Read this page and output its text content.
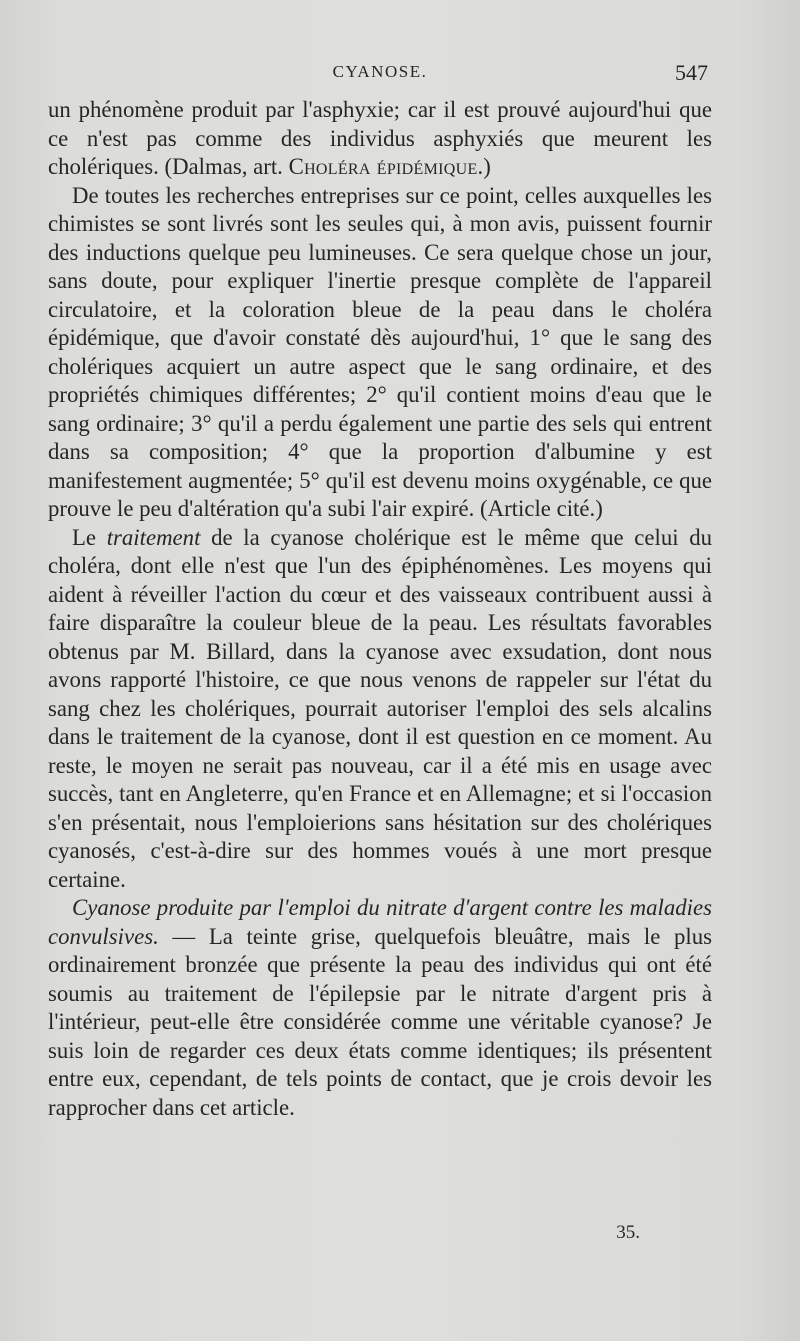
CYANOSE.	547

un phénomène produit par l'asphyxie; car il est prouvé aujourd'hui que ce n'est pas comme des individus asphyxiés que meurent les cholériques. (Dalmas, art. Choléra épidémique.)

De toutes les recherches entreprises sur ce point, celles auxquelles les chimistes se sont livrés sont les seules qui, à mon avis, puissent fournir des inductions quelque peu lumineuses. Ce sera quelque chose un jour, sans doute, pour expliquer l'inertie presque complète de l'appareil circulatoire, et la coloration bleue de la peau dans le choléra épidémique, que d'avoir constaté dès aujourd'hui, 1° que le sang des cholériques acquiert un autre aspect que le sang ordinaire, et des propriétés chimiques différentes; 2° qu'il contient moins d'eau que le sang ordinaire; 3° qu'il a perdu également une partie des sels qui entrent dans sa composition; 4° que la proportion d'albumine y est manifestement augmentée; 5° qu'il est devenu moins oxygénable, ce que prouve le peu d'altération qu'a subi l'air expiré. (Article cité.)

Le traitement de la cyanose cholérique est le même que celui du choléra, dont elle n'est que l'un des épiphénomènes. Les moyens qui aident à réveiller l'action du cœur et des vaisseaux contribuent aussi à faire disparaître la couleur bleue de la peau. Les résultats favorables obtenus par M. Billard, dans la cyanose avec exsudation, dont nous avons rapporté l'histoire, ce que nous venons de rappeler sur l'état du sang chez les cholériques, pourrait autoriser l'emploi des sels alcalins dans le traitement de la cyanose, dont il est question en ce moment. Au reste, le moyen ne serait pas nouveau, car il a été mis en usage avec succès, tant en Angleterre, qu'en France et en Allemagne; et si l'occasion s'en présentait, nous l'emploierions sans hésitation sur des cholériques cyanosés, c'est-à-dire sur des hommes voués à une mort presque certaine.

Cyanose produite par l'emploi du nitrate d'argent contre les maladies convulsives. — La teinte grise, quelquefois bleuâtre, mais le plus ordinairement bronzée que présente la peau des individus qui ont été soumis au traitement de l'épilepsie par le nitrate d'argent pris à l'intérieur, peut-elle être considérée comme une véritable cyanose? Je suis loin de regarder ces deux états comme identiques; ils présentent entre eux, cependant, de tels points de contact, que je crois devoir les rapprocher dans cet article.

35.
